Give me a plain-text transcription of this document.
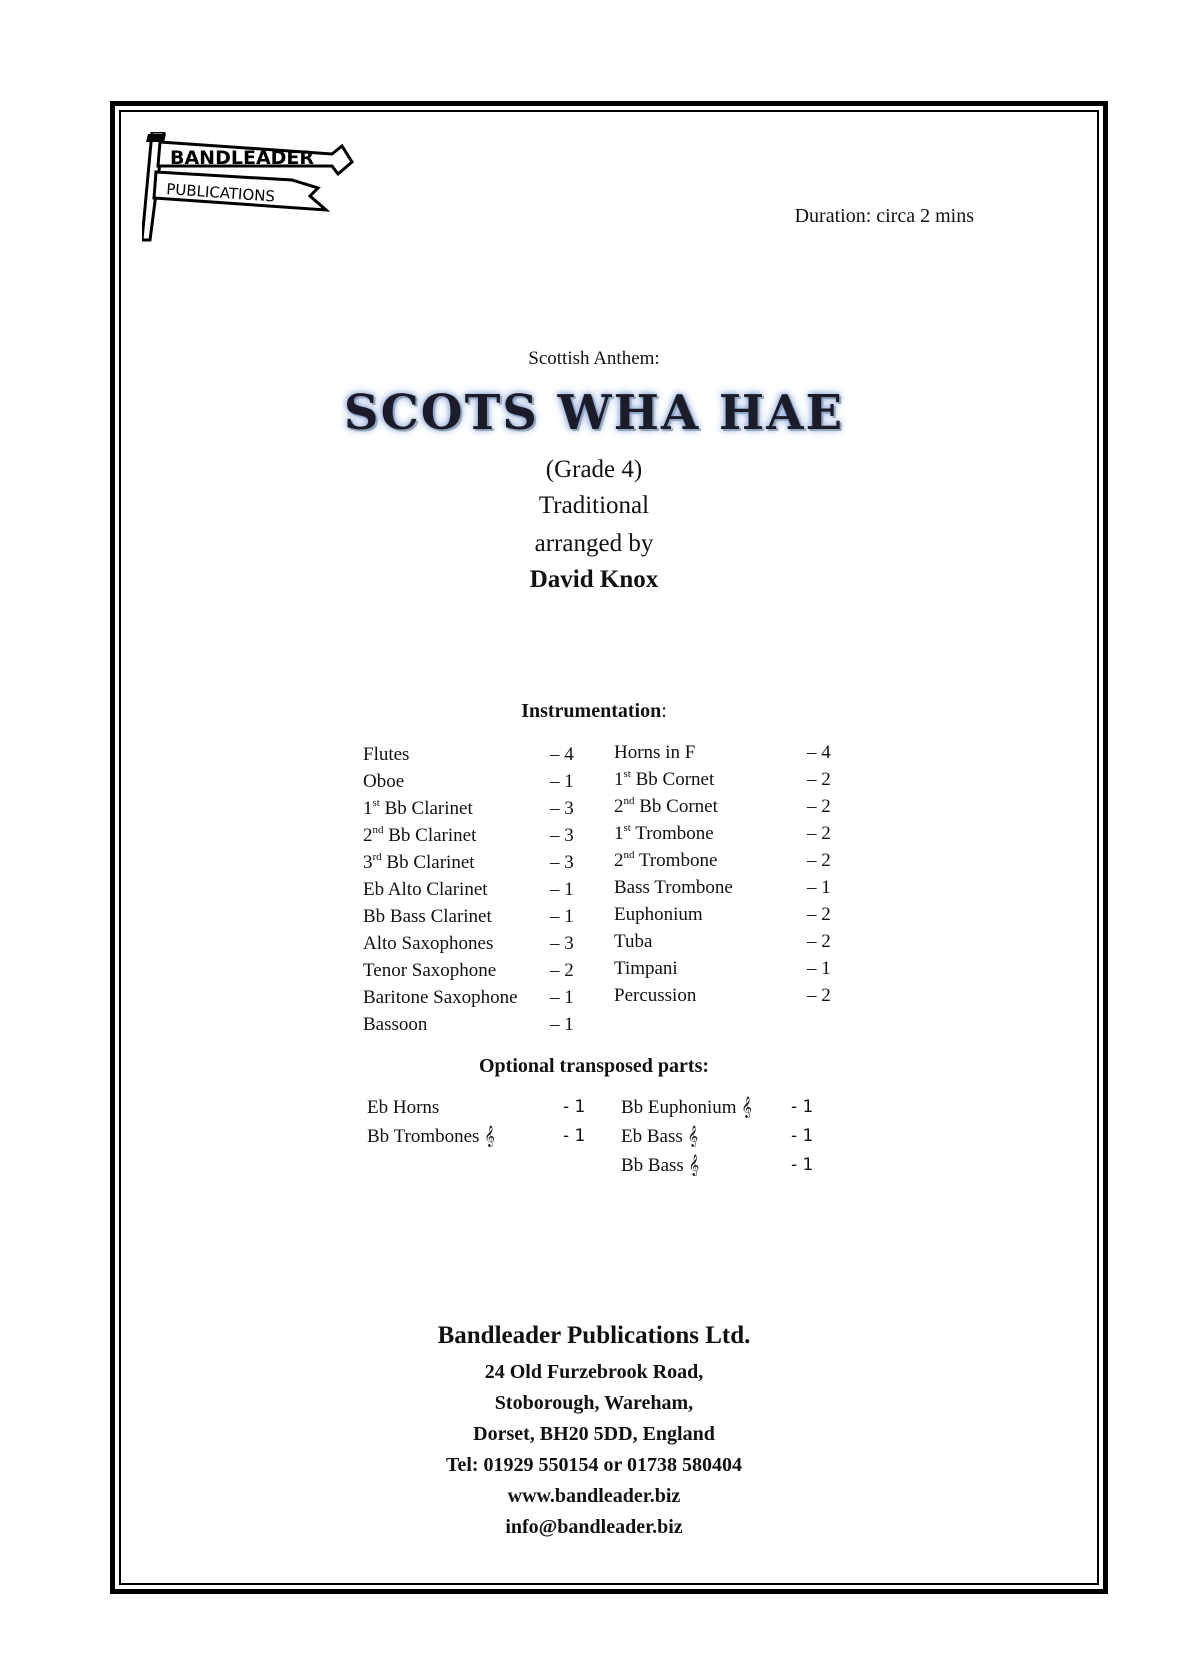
BANDLEADER
PUBLICATIONS
Duration: circa 2 mins
Scottish Anthem:
SCOTS WHA HAE
(Grade 4)
Traditional
arranged by
David Knox
Instrumentation:
Flutes	– 4
Oboe	– 1
1st Bb Clarinet	– 3
2nd Bb Clarinet	– 3
3rd Bb Clarinet	– 3
Eb Alto Clarinet	– 1
Bb Bass Clarinet	– 1
Alto Saxophones	– 3
Tenor Saxophone	– 2
Baritone Saxophone – 1
Bassoon	– 1
Horns in F	– 4
1st Bb Cornet	– 2
2nd Bb Cornet	– 2
1st Trombone	– 2
2nd Trombone	– 2
Bass Trombone	– 1
Euphonium	– 2
Tuba	– 2
Timpani	– 1
Percussion	– 2
Optional transposed parts:
Eb Horns	- 1
Bb Trombones 𝄞	- 1
Bb Euphonium 𝄞 - 1
Eb Bass 𝄞	- 1
Bb Bass 𝄞	- 1
Bandleader Publications Ltd.
24 Old Furzebrook Road,
Stoborough, Wareham,
Dorset, BH20 5DD, England
Tel: 01929 550154 or 01738 580404
www.bandleader.biz
info@bandleader.biz
